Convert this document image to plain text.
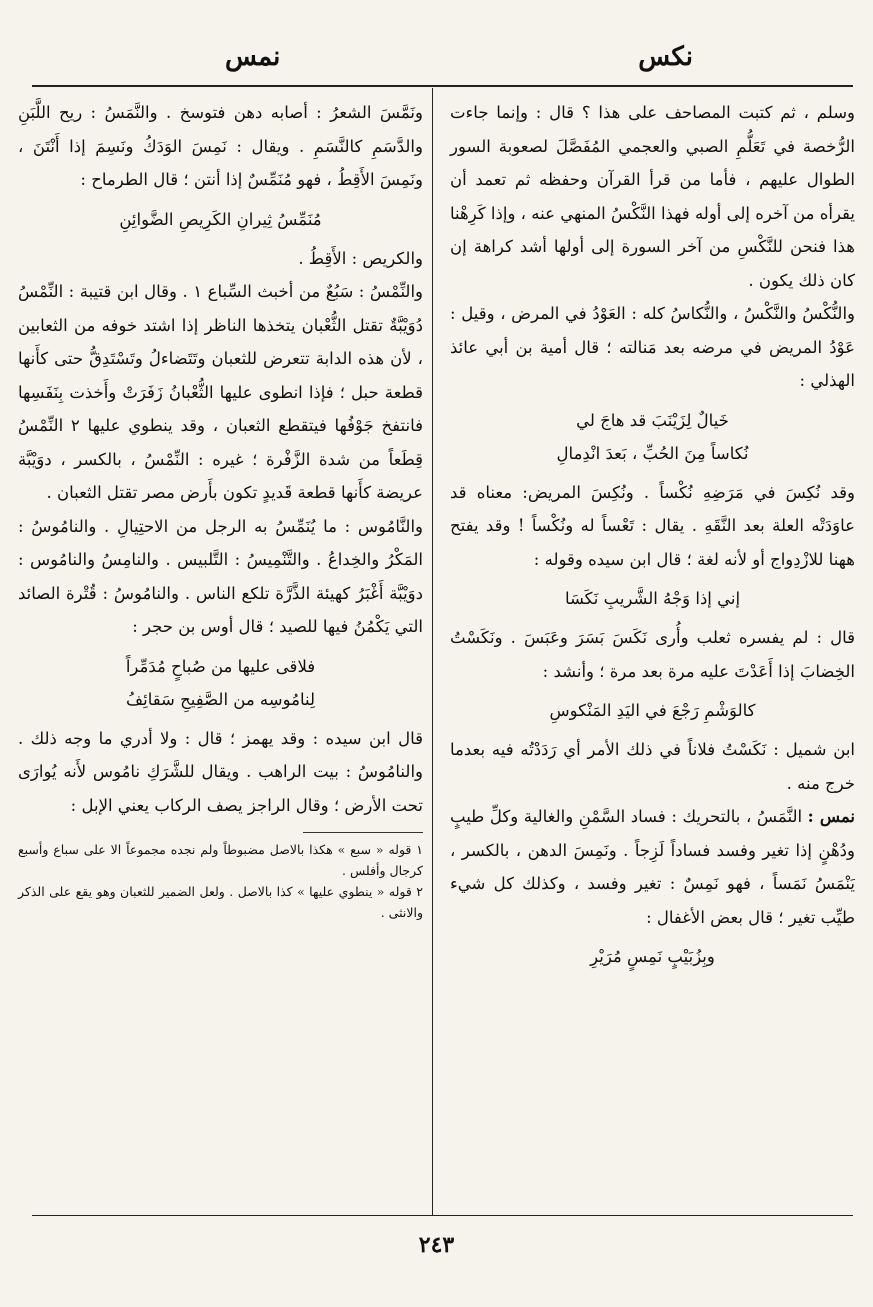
نكس
نمس

وسلم ، ثم كتبت المصاحف على هذا ؟ قال : وإنما جاءت الرُّخصة في تَعَلُّمِ الصبي والعجمي المُفَصَّلَ لصعوبة السور الطوال عليهم ، فأما من قرأ القرآن وحفظه ثم تعمد أن يقرأه من آخره إلى أوله فهذا النَّكْسُ المنهي عنه ، وإذا كَرِهْنا هذا فنحن للنَّكْسِ من آخر السورة إلى أولها أشد كراهة إن كان ذلك يكون .

والنُّكْسُ والنَّكْسُ ، والنُّكاسُ كله : العَوْدُ في المرض ، وقيل : عَوْدُ المريض في مرضه بعد مَنالته ؛ قال أمية بن أبي عائذ الهذلي :

خَيالٌ لِزَيْنَبَ قد هاجَ لي
نُكاساً مِنَ الحُبِّ ، بَعدَ انْدِمالِ

وقد نُكِسَ في مَرَضِهِ نُكْساً . ونُكِسَ المريض: معناه قد عاوَدَتْه العلة بعد النَّقَهِ . يقال : تَعْساً له ونُكْساً ! وقد يفتح ههنا للازْدِواج أو لأنه لغة ؛ قال ابن سيده وقوله :

إني إذا وَجْهُ الشَّريبِ نَكَسَا

قال : لم يفسره ثعلب وأُرى نَكَسَ بَسَرَ وعَبَسَ . ونَكَسْتُ الخِضابَ إذا أَعَدْتَ عليه مرة بعد مرة ؛ وأنشد :

كالوَشْمِ رَجْعَ في اليَدِ المَنْكوسِ

ابن شميل : نَكَسْتُ فلاناً في ذلك الأمر أي رَدَدْتُه فيه بعدما خرج منه .

نمس : النَّمَسُ ، بالتحريك : فساد السَّمْنِ والغالية وكلِّ طيبٍ ودُهْنٍ إذا تغير وفسد فساداً لَزِجاً . ونَمِسَ الدهن ، بالكسر ، يَنْمَسُ نَمَساً ، فهو نَمِسٌ : تغير وفسد ، وكذلك كل شيء طيِّب تغير ؛ قال بعض الأغفال :

وبِزُبَيْبٍ نَمِسٍ مُرَيْرِ

ونَمَّسَ الشعرُ : أصابه دهن فتوسخ . والنَّمَسُ : ريح اللَّبَنِ والدَّسَمِ كالنَّسَمِ . ويقال : نَمِسَ الوَدَكُ ونَسِمَ إذا أَنْتَنَ ، ونَمِسَ الأَقِطُ ، فهو مُنَمِّسٌ إذا أنتن ؛ قال الطرماح :

مُنَمِّسُ ثِيرانِ الكَرِيصِ الضَّوائِنِ

والكريص : الأَقِطُ .

والنِّمْسُ : سَبُعٌ من أخبث السِّباع ١ . وقال ابن قتيبة : النِّمْسُ دُوَيْبَّةٌ تقتل الثُّعْبان يتخذها الناظر إذا اشتد خوفه من الثعابين ، لأن هذه الدابة تتعرض للثعبان وتَتَضاءلُ وتَسْتَدِقُّ حتى كأَنها قطعة حبل ؛ فإذا انطوى عليها الثُّعْبانُ زَفَرَتْ وأَخذت بِنَفَسِها فانتفخ جَوْفُها فيتقطع الثعبان ، وقد ينطوي عليها ٢ النِّمْسُ قِطَعاً من شدة الزَّفْرة ؛ غيره : النِّمْسُ ، بالكسر ، دوَيْبَّة عريضة كأَنها قطعة قَديدٍ تكون بأَرض مصر تقتل الثعبان .

والنَّامُوس : ما يُنَمِّسُ به الرجل من الاحتِيالِ . والنامُوسُ : المَكْرُ والخِداعُ . والتَّنْمِيسُ : التَّلبيس . والنامِسُ والنامُوس : دوَيْبَّة أَغْبَرُ كهيئة الذَّرَّة تلكع الناس . والنامُوسُ : قُتْرة الصائد التي يَكْمُنُ فيها للصيد ؛ قال أوس بن حجر :

فلاقى عليها من صُباحٍ مُدَمِّراً
لِنامُوسِه من الصَّفِيحِ سَقائِفُ

قال ابن سيده : وقد يهمز ؛ قال : ولا أدري ما وجه ذلك . والنامُوسُ : بيت الراهب . ويقال للشَّرَكِ نامُوس لأَنه يُوارَى تحت الأرض ؛ وقال الراجز يصف الركاب يعني الإبل :

١ قوله « سبع » هكذا بالاصل مضبوطاً ولم نجده مجموعاً الا على سباع وأسبع كرجال وأفلس .

٢ قوله « ينطوي عليها » كذا بالاصل . ولعل الضمير للثعبان وهو يقع على الذكر والانثى .

٢٤٣
